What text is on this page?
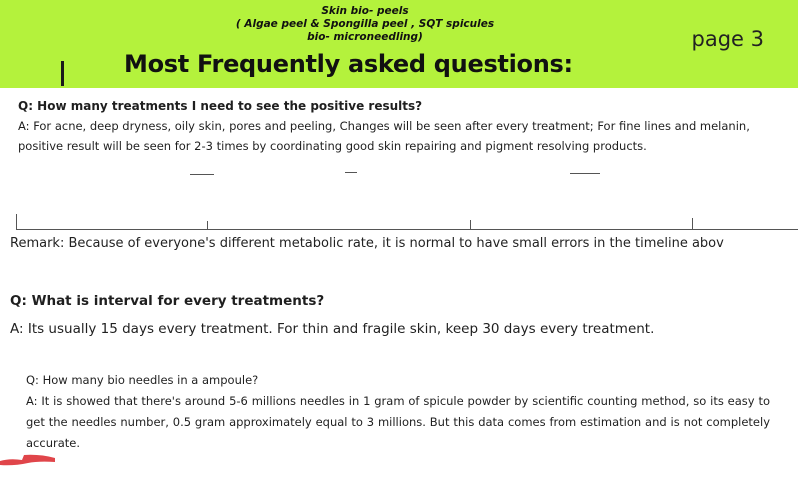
Skin bio- peels
( Algae peel & Spongilla peel , SQT spicules
bio- microneedling)	page 3
Most Frequently asked questions:
Q: How many treatments I need to see the positive results?
A: For acne, deep dryness, oily skin, pores and peeling, Changes will be seen after every treatment; For fine lines and melanin, positive result will be seen for 2-3 times by coordinating good skin repairing and pigment resolving products.
Remark: Because of everyone's different metabolic rate, it is normal to have small errors in the timeline abov
Q: What is interval for every treatments?
A: Its usually 15 days every treatment. For thin and fragile skin, keep 30 days every treatment.
Q: How many bio needles in a ampoule?
A: It is showed that there's around 5-6 millions needles in 1 gram of spicule powder by scientific counting method, so its easy to get the needles number, 0.5 gram approximately equal to 3 millions. But this data comes from estimation and is not completely accurate.
